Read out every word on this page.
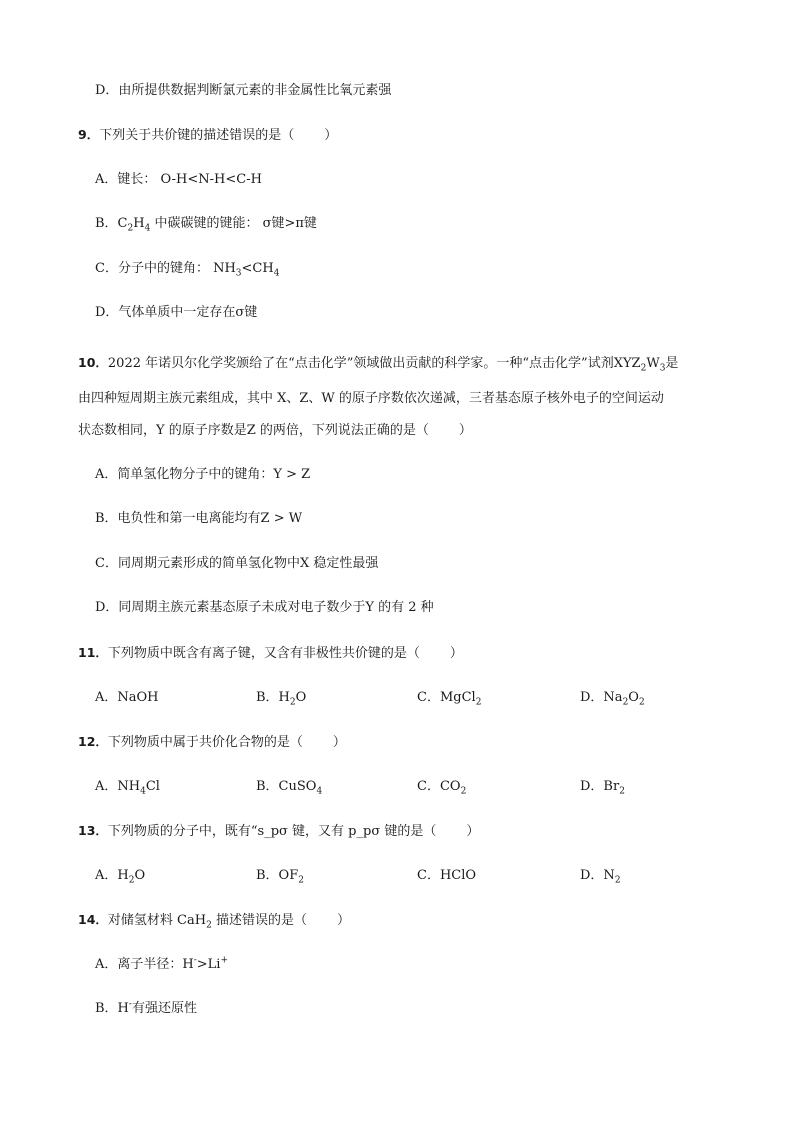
D．由所提供数据判断氯元素的非金属性比氧元素强
9．下列关于共价键的描述错误的是（ ）
A．键长： O-H<N-H<C-H
B．$C_2H_4$ 中碳碳键的键能： σ键>π键
C．分子中的键角： $NH_3<CH_4$
D．气体单质中一定存在σ键
10．2022 年诺贝尔化学奖颁给了在“点击化学”领域做出贡献的科学家。一种“点击化学”试剂$XYZ_2W_3$是
由四种短周期主族元素组成，其中 X、Z、W 的原子序数依次递减，三者基态原子核外电子的空间运动
状态数相同，Y 的原子序数是Z 的两倍，下列说法正确的是（ ）
A．简单氢化物分子中的键角：Y > Z
B．电负性和第一电离能均有Z > W
C．同周期元素形成的简单氢化物中X 稳定性最强
D．同周期主族元素基态原子未成对电子数少于Y 的有 2 种
11．下列物质中既含有离子键，又含有非极性共价键的是（ ）
A．NaOH	B．$H_2O$	C．MgCl$_2$	D．$Na_2O_2$
12．下列物质中属于共价化合物的是（ ）
A．$NH_4Cl$	B．CuSO$_4$	C．$CO_2$	D．$Br_2$
13．下列物质的分子中，既有“s_pσ 键，又有 p_pσ 键的是（ ）
A．$H_2O$	B．$OF_2$	C．HClO	D．$N_2$
14．对储氢材料 CaH$_2$ 描述错误的是（ ）
A．离子半径：H->Li+
B．H-有强还原性
